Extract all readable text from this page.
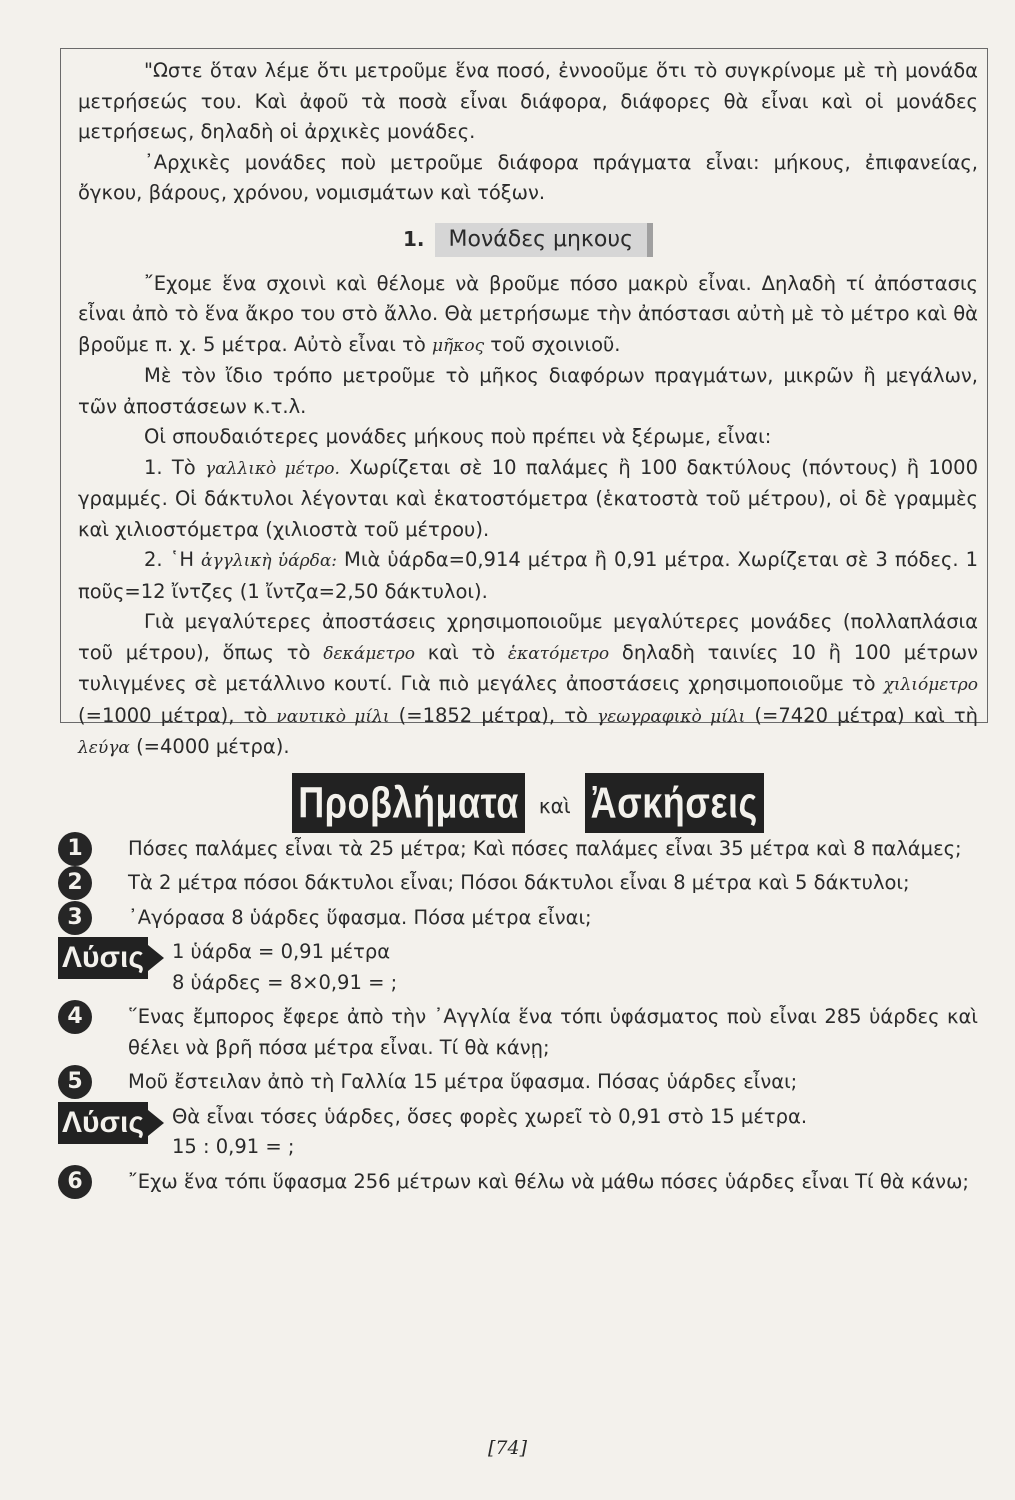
"Ωστε ὅταν λέμε ὅτι μετροῦμε ἕνα ποσό, ἐννοοῦμε ὅτι τὸ συγκρίνομε μὲ τὴ μονάδα μετρήσεώς του. Καὶ ἀφοῦ τὰ ποσὰ εἶναι διάφορα, διάφορες θὰ εἶναι καὶ οἱ μονάδες μετρήσεως, δηλαδὴ οἱ ἀρχικὲς μονάδες.

᾿Αρχικὲς μονάδες ποὺ μετροῦμε διάφορα πράγματα εἶναι: μήκους, ἐπιφανείας, ὄγκου, βάρους, χρόνου, νομισμάτων καὶ τόξων.

1.	Μονάδες μηκους

῎Εχομε ἕνα σχοινὶ καὶ θέλομε νὰ βροῦμε πόσο μακρὺ εἶναι. Δηλαδὴ τί ἀπόστασις εἶναι ἀπὸ τὸ ἕνα ἄκρο του στὸ ἄλλο. Θὰ μετρήσωμε τὴν ἀπόστασι αὐτὴ μὲ τὸ μέτρο καὶ θὰ βροῦμε π. χ. 5 μέτρα. Αὐτὸ εἶναι τὸ μῆκος τοῦ σχοινιοῦ.

Μὲ τὸν ἴδιο τρόπο μετροῦμε τὸ μῆκος διαφόρων πραγμάτων, μικρῶν ἢ μεγάλων, τῶν ἀποστάσεων κ.τ.λ.

Οἱ σπουδαιότερες μονάδες μήκους ποὺ πρέπει νὰ ξέρωμε, εἶναι:

1. Τὸ γαλλικὸ μέτρο. Χωρίζεται σὲ 10 παλάμες ἢ 100 δακτύλους (πόντους) ἢ 1000 γραμμές. Οἱ δάκτυλοι λέγονται καὶ ἑκατοστόμετρα (ἑκατοστὰ τοῦ μέτρου), οἱ δὲ γραμμὲς καὶ χιλιοστόμετρα (χιλιοστὰ τοῦ μέτρου).

2. ῾Η ἀγγλικὴ ὑάρδα: Μιὰ ὑάρδα=0,914 μέτρα ἢ 0,91 μέτρα. Χωρίζεται σὲ 3 πόδες. 1 ποῦς=12 ἴντζες (1 ἴντζα=2,50 δάκτυλοι).

Γιὰ μεγαλύτερες ἀποστάσεις χρησιμοποιοῦμε μεγαλύτερες μονάδες (πολλαπλάσια τοῦ μέτρου), ὅπως τὸ δεκάμετρο καὶ τὸ ἑκατόμετρο δηλαδὴ ταινίες 10 ἢ 100 μέτρων τυλιγμένες σὲ μετάλλινο κουτί. Γιὰ πιὸ μεγάλες ἀποστάσεις χρησιμοποιοῦμε τὸ χιλιόμετρο (=1000 μέτρα), τὸ ναυτικὸ μίλι (=1852 μέτρα), τὸ γεωγραφικὸ μίλι (=7420 μέτρα) καὶ τὴ λεύγα (=4000 μέτρα).

Προβλήματα	καὶ Ἀσκήσεις
1	Πόσες παλάμες εἶναι τὰ 25 μέτρα; Καὶ πόσες παλάμες εἶναι 35 μέτρα καὶ 8 παλάμες;
2	Τὰ 2 μέτρα πόσοι δάκτυλοι εἶναι; Πόσοι δάκτυλοι εἶναι 8 μέτρα καὶ 5 δάκτυλοι;
3	᾿Αγόρασα 8 ὑάρδες ὕφασμα. Πόσα μέτρα εἶναι;
Λύσις 1 ὑάρδα = 0,91 μέτρα
8 ὑάρδες = 8×0,91 = ;
4	῞Ενας ἔμπορος ἔφερε ἀπὸ τὴν ᾿Αγγλία ἕνα τόπι ὑφάσματος ποὺ εἶναι 285 ὑάρδες καὶ θέλει νὰ βρῆ πόσα μέτρα εἶναι. Τί θὰ κάνῃ;
5	Μοῦ ἔστειλαν ἀπὸ τὴ Γαλλία 15 μέτρα ὕφασμα. Πόσας ὑάρδες εἶναι;
Λύσις Θὰ εἶναι τόσες ὑάρδες, ὅσες φορὲς χωρεῖ τὸ 0,91 στὸ 15 μέτρα.
15 : 0,91 = ;
6	῎Εχω ἕνα τόπι ὕφασμα 256 μέτρων καὶ θέλω νὰ μάθω πόσες ὑάρδες εἶναι Τί θὰ κάνω;
[74]
